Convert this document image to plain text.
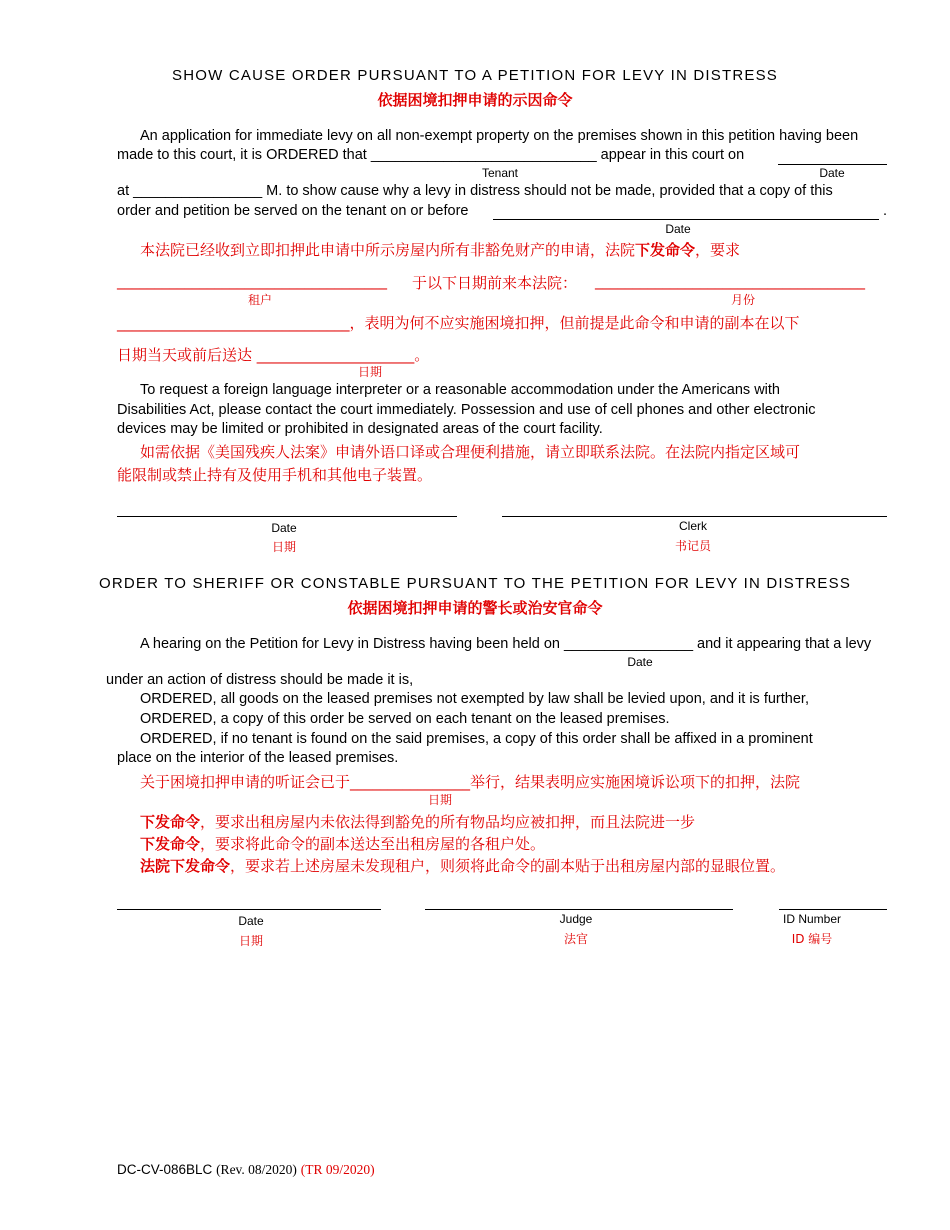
SHOW CAUSE ORDER PURSUANT TO A PETITION FOR LEVY IN DISTRESS
依据困境扣押申请的示因命令
An application for immediate levy on all non-exempt property on the premises shown in this petition having been
made to this court, it is ORDERED that ____________________________ appear in this court on
Tenant	Date
at ________________ M. to show cause why a levy in distress should not be made, provided that a copy of this
order and petition be served on the tenant on or before	.
Date
本法院已经收到立即扣押此申请中所示房屋内所有非豁免财产的申请，法院下发命令，要求
____________________________________ 于以下日期前来本法院： ____________________________________
租户	月份
_______________________________，表明为何不应实施困境扣押，但前提是此命令和申请的副本在以下
日期当天或前后送达 _____________________。
日期
To request a foreign language interpreter or a reasonable accommodation under the Americans with
Disabilities Act, please contact the court immediately. Possession and use of cell phones and other electronic
devices may be limited or prohibited in designated areas of the court facility.
如需依据《美国残疾人法案》申请外语口译或合理便利措施，请立即联系法院。在法院内指定区域可
能限制或禁止持有及使用手机和其他电子装置。
Date
日期
Clerk
书记员
ORDER TO SHERIFF OR CONSTABLE PURSUANT TO THE PETITION FOR LEVY IN DISTRESS
依据困境扣押申请的警长或治安官命令
A hearing on the Petition for Levy in Distress having been held on ________________ and it appearing that a levy
Date
under an action of distress should be made it is,
ORDERED, all goods on the leased premises not exempted by law shall be levied upon, and it is further,
ORDERED, a copy of this order be served on each tenant on the leased premises.
ORDERED, if no tenant is found on the said premises, a copy of this order shall be affixed in a prominent
place on the interior of the leased premises.
关于困境扣押申请的听证会已于________________举行，结果表明应实施困境诉讼项下的扣押，法院
日期
下发命令，要求出租房屋内未依法得到豁免的所有物品均应被扣押，而且法院进一步
下发命令，要求将此命令的副本送达至出租房屋的各租户处。
法院下发命令，要求若上述房屋未发现租户，则须将此命令的副本贴于出租房屋内部的显眼位置。
Date
日期
Judge
法官
ID Number
ID 编号
DC-CV-086BLC (Rev. 08/2020) (TR 09/2020)
